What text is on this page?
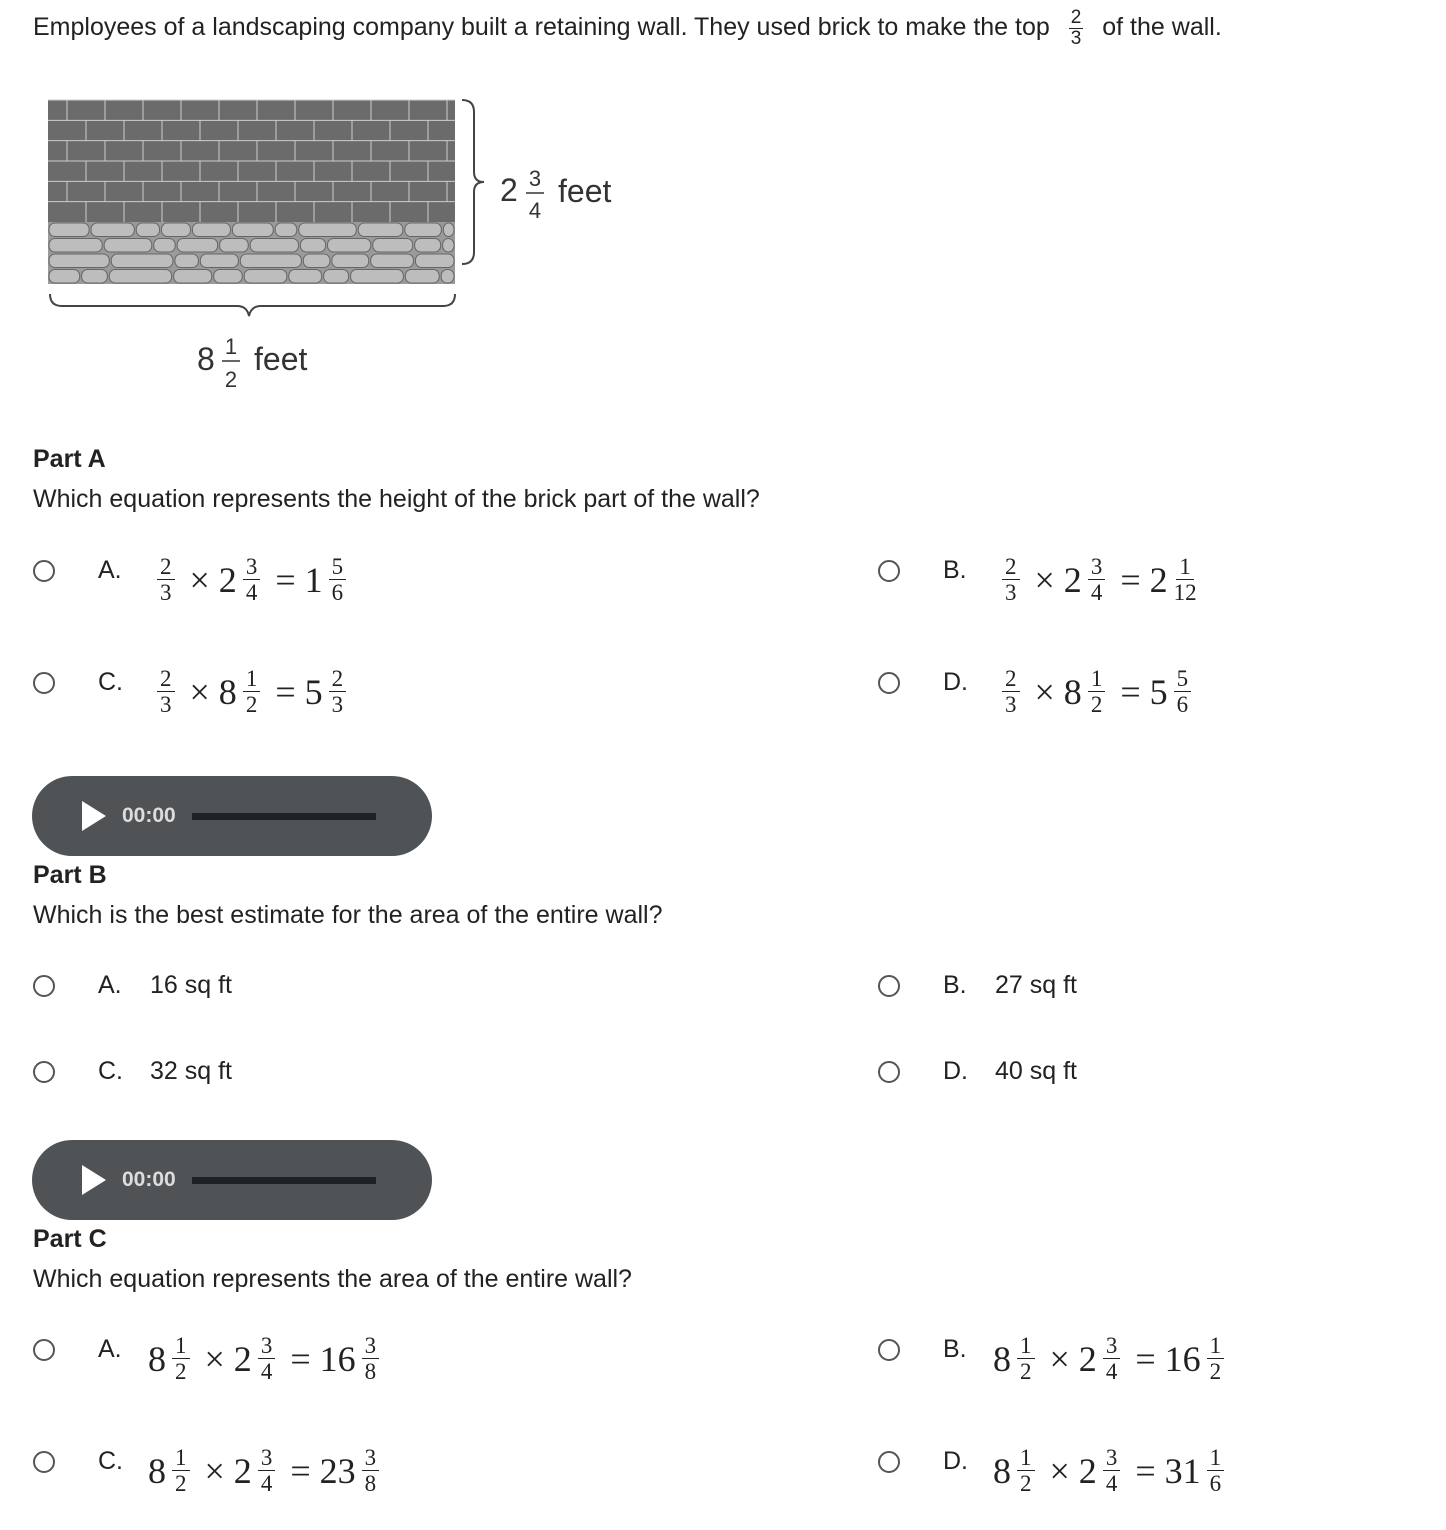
Employees of a landscaping company built a retaining wall. They used brick to make the top $\frac{2}{3}$ of the wall.
2 3
4
feet
8 1
2
feet
Part A
Which equation represents the height of the brick part of the wall?
A. $\frac{2}{3} \times 2 \frac{3}{4} = 1 \frac{5}{6}$	B. $\frac{2}{3} \times 2 \frac{3}{4} = 2 \frac{1}{12}$
C. $\frac{2}{3} \times 8 \frac{1}{2} = 5 \frac{2}{3}$	D. $\frac{2}{3} \times 8 \frac{1}{2} = 5 \frac{5}{6}$
00:00
Part B
Which is the best estimate for the area of the entire wall?
A. 16 sq ft	B. 27 sq ft
C. 32 sq ft	D. 40 sq ft
00:00
Part C
Which equation represents the area of the entire wall?
A. $8 \frac{1}{2} \times 2 \frac{3}{4} = 16 \frac{3}{8}$	B. $8 \frac{1}{2} \times 2 \frac{3}{4} = 16 \frac{1}{2}$
C. $8 \frac{1}{2} \times 2 \frac{3}{4} = 23 \frac{3}{8}$	D. $8 \frac{1}{2} \times 2 \frac{3}{4} = 31 \frac{1}{6}$
